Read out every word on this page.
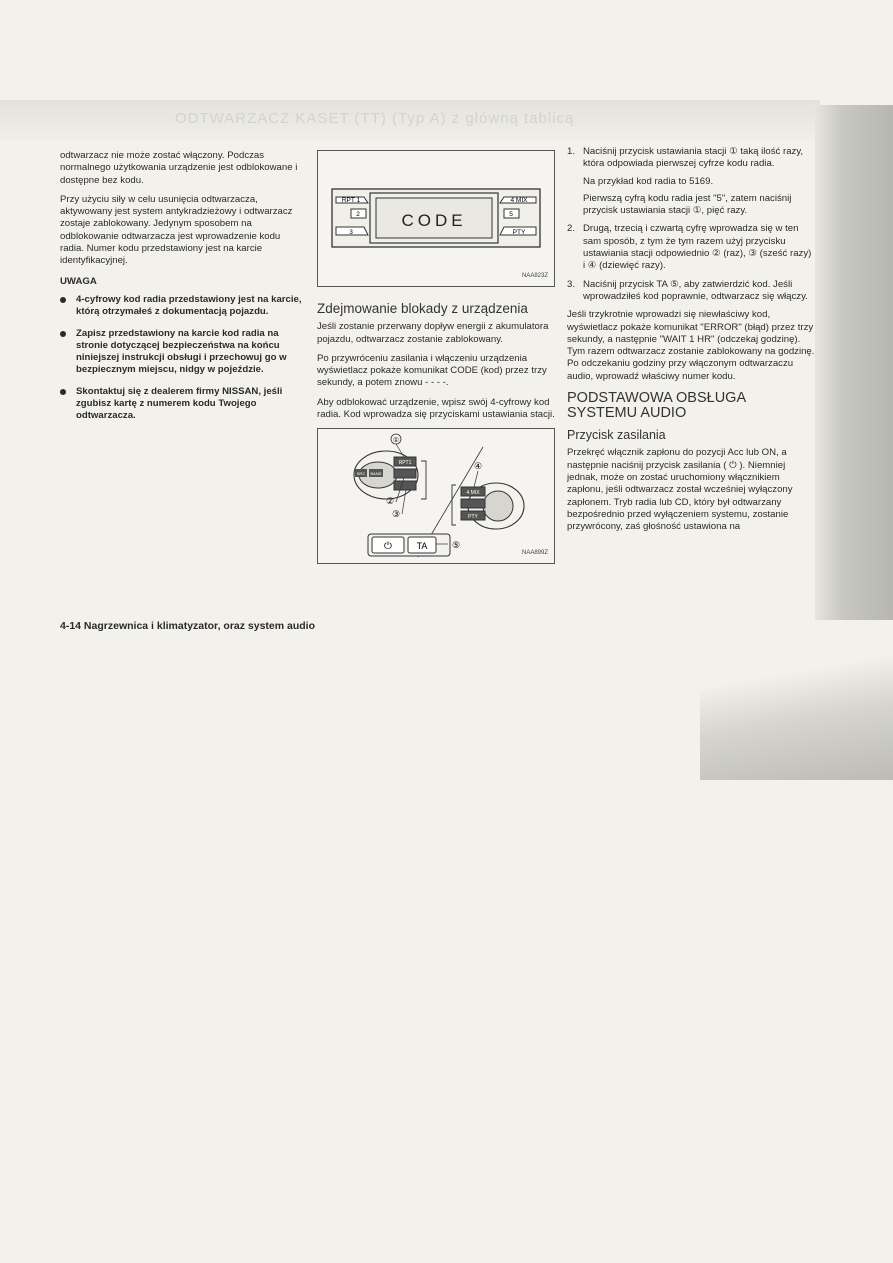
ODTWARZACZ KASET (TT) (Typ A) z główną tablicą

odtwarzacz nie może zostać włączony. Podczas normalnego użytkowania urządzenie jest odblokowane i dostępne bez kodu.

Przy użyciu siły w celu usunięcia odtwarzacza, aktywowany jest system antykradzieżowy i odtwarzacz zostaje zablokowany. Jedynym sposobem na odblokowanie odtwarzacza jest wprowadzenie kodu radia. Numer kodu przedstawiony jest na karcie identyfikacyjnej.

UWAGA
4-cyfrowy kod radia przedstawiony jest na karcie, którą otrzymałeś z dokumentacją pojazdu.
Zapisz przedstawiony na karcie kod radia na stronie dotyczącej bezpieczeństwa na końcu niniejszej instrukcji obsługi i przechowuj go w bezpiecznym miejscu, nidgy w pojeździe.
Skontaktuj się z dealerem firmy NISSAN, jeśli zgubisz kartę z numerem kodu Twojego odtwarzacza.
CODE
RPT 1
2
3
4 MIX
5
PTY
NAA823Z
Zdejmowanie blokady z urządzenia

Jeśli zostanie przerwany dopływ energii z akumulatora pojazdu, odtwarzacz zostanie zablokowany.

Po przywróceniu zasilania i włączeniu urządzenia wyświetlacz pokaże komunikat CODE (kod) przez trzy sekundy, a potem znowu - - - -.

Aby odblokować urządzenie, wpisz swój 4-cyfrowy kod radia. Kod wprowadza się przyciskami ustawiania stacji.

SRC BAND
RPT1
①
②
③
4 MIX
PTY
④
⏻	TA	⑤
NAA899Z
1. Naciśnij przycisk ustawiania stacji ① taką ilość razy, która odpowiada pierwszej cyfrze kodu radia.

Na przykład kod radia to 5169.

Pierwszą cyfrą kodu radia jest "5", zatem naciśnij przycisk ustawiania stacji ①, pięć razy.

2. Drugą, trzecią i czwartą cyfrę wprowadza się w ten sam sposób, z tym że tym razem użyj przycisku ustawiania stacji odpowiednio ② (raz), ③ (sześć razy) i ④ (dziewięć razy).

3. Naciśnij przycisk TA ⑤, aby zatwierdzić kod. Jeśli wprowadziłeś kod poprawnie, odtwarzacz się włączy.

Jeśli trzykrotnie wprowadzi się niewłaściwy kod, wyświetlacz pokaże komunikat "ERROR" (błąd) przez trzy sekundy, a następnie "WAIT 1 HR" (odczekaj godzinę). Tym razem odtwarzacz zostanie zablokowany na godzinę. Po odczekaniu godziny przy włączonym odtwarzaczu audio, wprowadź właściwy numer kodu.

PODSTAWOWA OBSŁUGA SYSTEMU AUDIO
Przycisk zasilania

Przekręć włącznik zapłonu do pozycji Acc lub ON, a następnie naciśnij przycisk zasilania ( ⏻ ). Niemniej jednak, może on zostać uruchomiony włącznikiem zapłonu, jeśli odtwarzacz został wcześniej wyłączony zapłonem. Tryb radia lub CD, który był odtwarzany bezpośrednio przed wyłączeniem systemu, zostanie przywrócony, zaś głośność ustawiona na

4-14 Nagrzewnica i klimatyzator, oraz system audio
